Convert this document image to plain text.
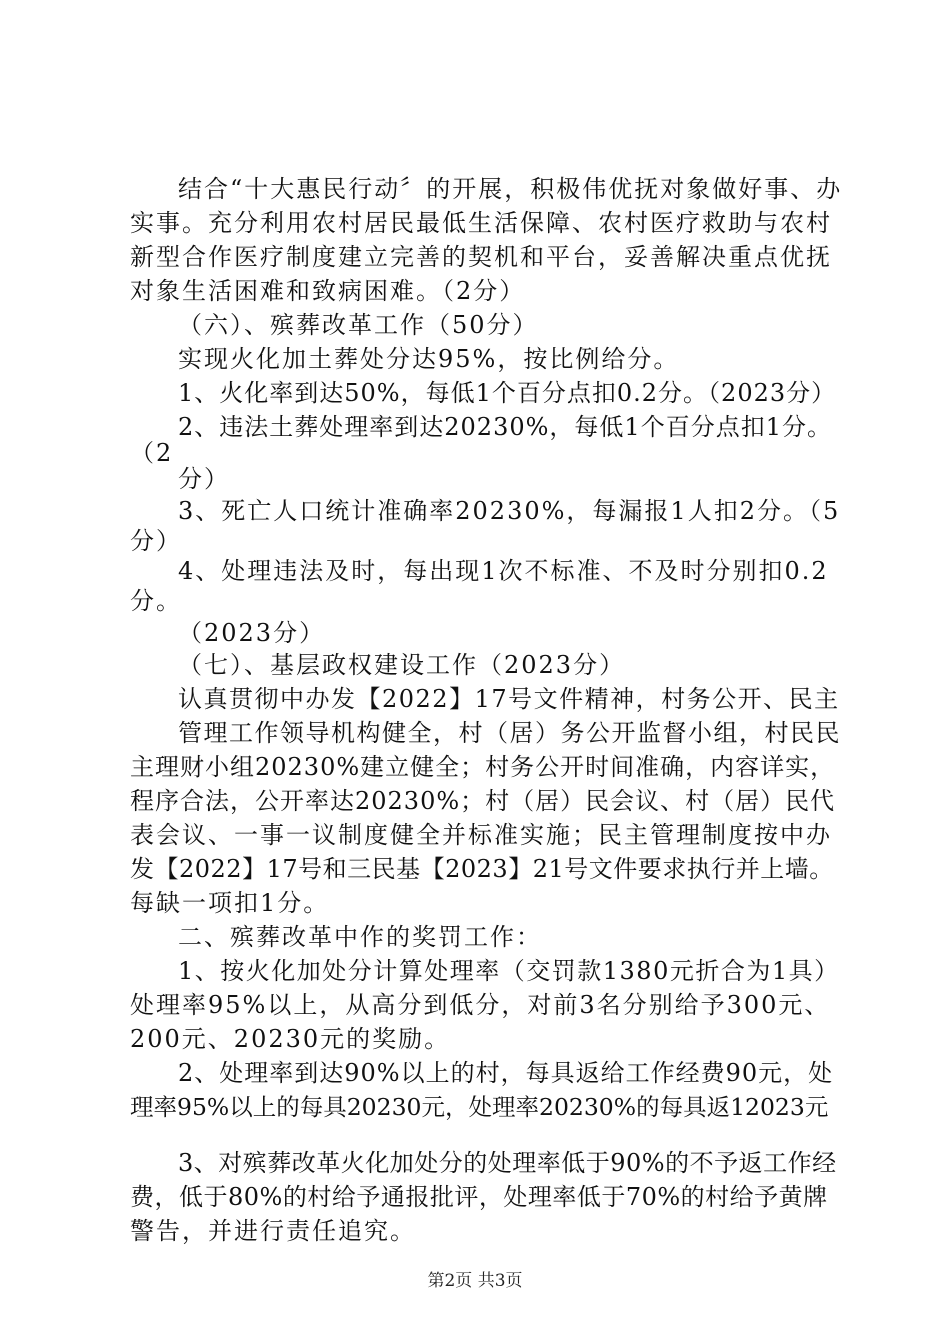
结合“十大惠民行动〞的开展，积极伟优抚对象做好事、办
实事。充分利用农村居民最低生活保障、农村医疗救助与农村
新型合作医疗制度建立完善的契机和平台，妥善解决重点优抚
对象生活困难和致病困难。（2分）
（六）、殡葬改革工作（50分）
实现火化加土葬处分达95%，按比例给分。
1、火化率到达50%，每低1个百分点扣0.2分。（2023分）
2、违法土葬处理率到达20230%，每低1个百分点扣1分。
（2
分）
3、死亡人口统计准确率20230%，每漏报1人扣2分。（5
分）
4、处理违法及时，每出现1次不标准、不及时分别扣0.2
分。
（2023分）
（七）、基层政权建设工作（2023分）
认真贯彻中办发【2022】17号文件精神，村务公开、民主
管理工作领导机构健全，村（居）务公开监督小组，村民民
主理财小组20230%建立健全；村务公开时间准确，内容详实，
程序合法，公开率达20230%；村（居）民会议、村（居）民代
表会议、一事一议制度健全并标准实施；民主管理制度按中办
发【2022】17号和三民基【2023】21号文件要求执行并上墙。
每缺一项扣1分。
二、殡葬改革中作的奖罚工作：
1、按火化加处分计算处理率（交罚款1380元折合为1具）
处理率95%以上，从高分到低分，对前3名分别给予300元、
200元、20230元的奖励。
2、处理率到达90%以上的村，每具返给工作经费90元，处
理率95%以上的每具20230元，处理率20230%的每具返12023元
3、对殡葬改革火化加处分的处理率低于90%的不予返工作经
费，低于80%的村给予通报批评，处理率低于70%的村给予黄牌
警告，并进行责任追究。
第2页 共3页
